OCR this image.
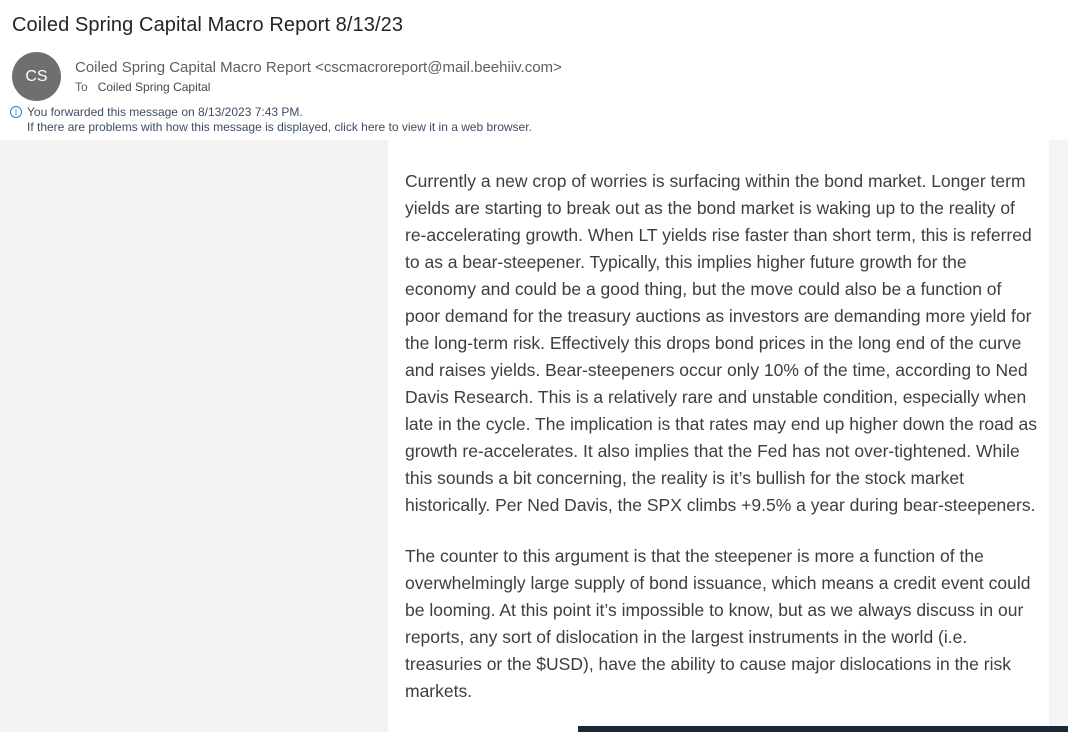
Coiled Spring Capital Macro Report 8/13/23
CS
Coiled Spring Capital Macro Report <cscmacroreport@mail.beehiiv.com>
To Coiled Spring Capital
i You forwarded this message on 8/13/2023 7:43 PM.
If there are problems with how this message is displayed, click here to view it in a web browser.

Currently a new crop of worries is surfacing within the bond market. Longer term yields are starting to break out as the bond market is waking up to the reality of re-accelerating growth. When LT yields rise faster than short term, this is referred to as a bear-steepener. Typically, this implies higher future growth for the economy and could be a good thing, but the move could also be a function of poor demand for the treasury auctions as investors are demanding more yield for the long-term risk. Effectively this drops bond prices in the long end of the curve and raises yields. Bear-steepeners occur only 10% of the time, according to Ned Davis Research. This is a relatively rare and unstable condition, especially when late in the cycle. The implication is that rates may end up higher down the road as growth re-accelerates. It also implies that the Fed has not over-tightened. While this sounds a bit concerning, the reality is it’s bullish for the stock market historically. Per Ned Davis, the SPX climbs +9.5% a year during bear-steepeners.

The counter to this argument is that the steepener is more a function of the overwhelmingly large supply of bond issuance, which means a credit event could be looming. At this point it’s impossible to know, but as we always discuss in our reports, any sort of dislocation in the largest instruments in the world (i.e. treasuries or the $USD), have the ability to cause major dislocations in the risk markets.
